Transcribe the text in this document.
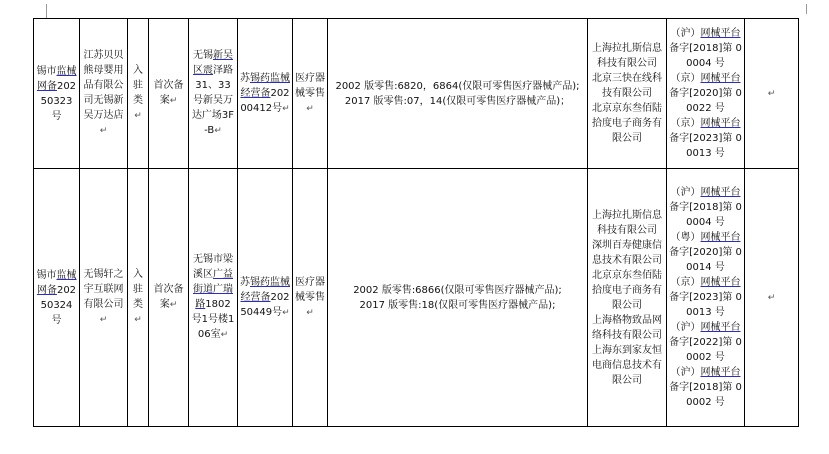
锡市监械网备20250323号	江苏贝贝熊母婴用品有限公司无锡新吴万达店↵	入驻类↵	首次备案↵	无锡新吴区震泽路31、33号新吴万达广场3F-B↵	苏锡药监械经营备20200412号↵	医疗器械零售↵	2002 版零售:6820，6864(仅限可零售医疗器械产品);
2017 版零售:07，14(仅限可零售医疗器械产品)；	上海拉扎斯信息科技有限公司
北京三快在线科技有限公司
北京京东叁佰陆拾度电子商务有限公司	（沪）网械平台备字[2018]第 00004 号
（京）网械平台备字[2020]第 00022 号
（京）网械平台备字[2023]第 00013 号	↵
锡市监械网备20250324号	无锡轩之宇互联网有限公司↵	入驻类↵	首次备案↵	无锡市梁溪区广益街道广瑞路1802号1号楼106室↵	苏锡药监械经营备20250449号↵	医疗器械零售↵	2002 版零售:6866(仅限可零售医疗器械产品);
2017 版零售:18(仅限可零售医疗器械产品);	上海拉扎斯信息科技有限公司
深圳百寿健康信息技术有限公司
北京京东叁佰陆拾度电子商务有限公司
上海格物致品网络科技有限公司
上海东到家友恒电商信息技术有限公司	（沪）网械平台备字[2018]第 00004 号
（粤）网械平台备字[2020]第 00014 号
（京）网械平台备字[2023]第 00013 号
（沪）网械平台备字[2022]第 00002 号
（沪）网械平台备字[2018]第 00002 号	↵
